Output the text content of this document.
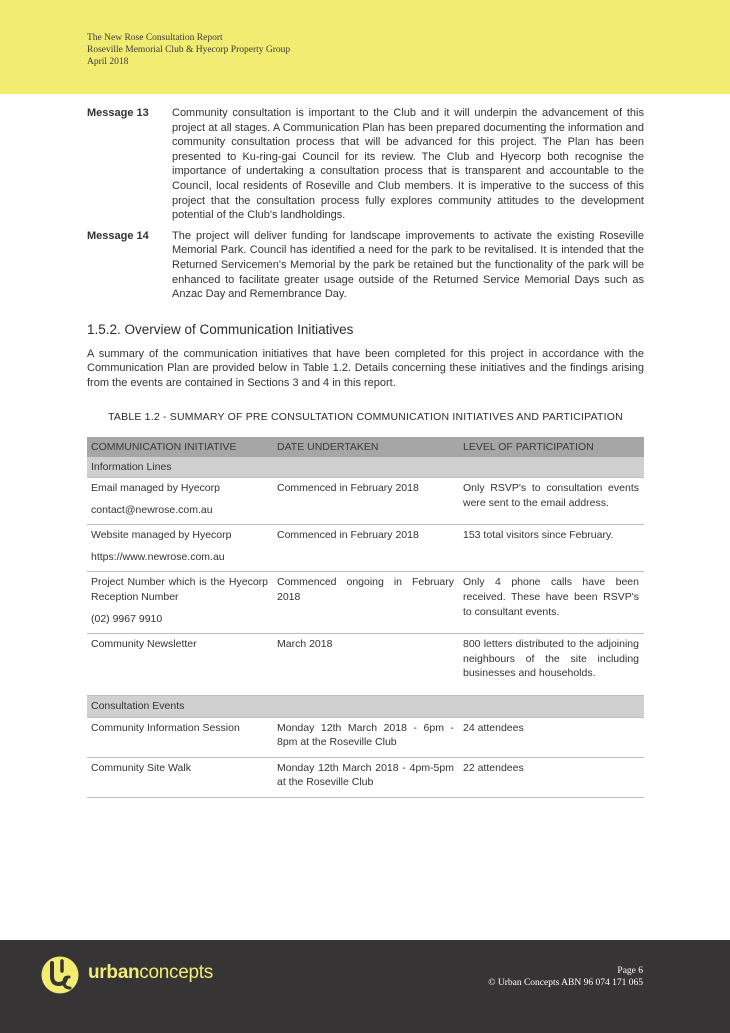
The New Rose Consultation Report
Roseville Memorial Club & Hyecorp Property Group
April 2018
Message 13	Community consultation is important to the Club and it will underpin the advancement of this project at all stages. A Communication Plan has been prepared documenting the information and community consultation process that will be advanced for this project. The Plan has been presented to Ku-ring-gai Council for its review. The Club and Hyecorp both recognise the importance of undertaking a consultation process that is transparent and accountable to the Council, local residents of Roseville and Club members. It is imperative to the success of this project that the consultation process fully explores community attitudes to the development potential of the Club's landholdings.
Message 14	The project will deliver funding for landscape improvements to activate the existing Roseville Memorial Park. Council has identified a need for the park to be revitalised. It is intended that the Returned Servicemen's Memorial by the park be retained but the functionality of the park will be enhanced to facilitate greater usage outside of the Returned Service Memorial Days such as Anzac Day and Remembrance Day.
1.5.2. Overview of Communication Initiatives

A summary of the communication initiatives that have been completed for this project in accordance with the Communication Plan are provided below in Table 1.2. Details concerning these initiatives and the findings arising from the events are contained in Sections 3 and 4 in this report.

TABLE 1.2 - SUMMARY OF PRE CONSULTATION COMMUNICATION INITIATIVES AND PARTICIPATION
COMMUNICATION INITIATIVE	DATE UNDERTAKEN	LEVEL OF PARTICIPATION
Information Lines		
Email managed by Hyecorp
contact@newrose.com.au	Commenced in February 2018	Only RSVP's to consultation events were sent to the email address.
Website managed by Hyecorp
https://www.newrose.com.au	Commenced in February 2018	153 total visitors since February.
Project Number which is the Hyecorp Reception Number
(02) 9967 9910	Commenced ongoing in February 2018	Only 4 phone calls have been received. These have been RSVP's to consultant events.
Community Newsletter	March 2018	800 letters distributed to the adjoining neighbours of the site including businesses and households.
Consultation Events		
Community Information Session	Monday 12th March 2018 - 6pm - 8pm at the Roseville Club	24 attendees
Community Site Walk	Monday 12th March 2018 - 4pm-5pm at the Roseville Club	22 attendees
urbanconcepts	Page 6
© Urban Concepts ABN 96 074 171 065
